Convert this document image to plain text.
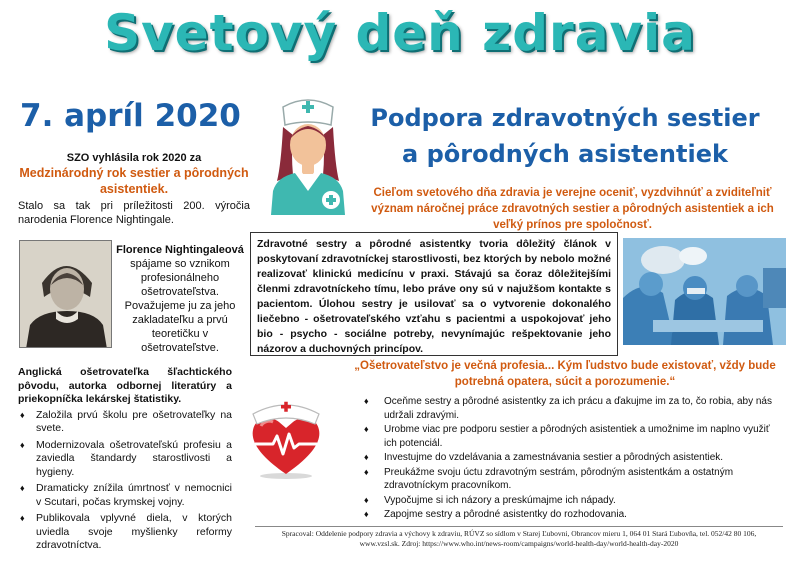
Svetový deň zdravia
7. apríl 2020	Podpora zdravotných sestier
a pôrodných asistentiek
SZO vyhlásila rok 2020 za
Medzinárodný rok sestier a pôrodných asistentiek.
Stalo sa tak pri príležitosti 200. výročia narodenia Florence Nightingale.
Cieľom svetového dňa zdravia je verejne oceniť, vyzdvihnúť a zviditeľniť význam náročnej práce zdravotných sestier a pôrodných asistentiek a ich veľký prínos pre spoločnosť.
Florence Nightingaleová
spájame so vznikom profesionálneho ošetrovateľstva. Považujeme ju za jeho zakladateľku a prvú teoretičku v ošetrovateľstve.
Zdravotné sestry a pôrodné asistentky tvoria dôležitý článok v poskytovaní zdravotníckej starostlivosti, bez ktorých by nebolo možné realizovať klinickú medicínu v praxi. Stávajú sa čoraz dôležitejšími členmi zdravotníckeho tímu, lebo práve ony sú v najužšom kontakte s pacientom. Úlohou sestry je usilovať sa o vytvorenie dokonalého liečebno - ošetrovateľského vzťahu s pacientmi a uspokojovať jeho bio - psycho - sociálne potreby, nevynímajúc rešpektovanie jeho názorov a duchovných princípov.
Anglická ošetrovateľka šľachtického pôvodu, autorka odbornej literatúry a priekopníčka lekárskej štatistiky.
♦ Založila prvú školu pre ošetrovateľky na svete.
♦ Modernizovala ošetrovateľskú profesiu a zaviedla štandardy starostlivosti a hygieny.
♦ Dramaticky znížila úmrtnosť v nemocnici v Scutari, počas krymskej vojny.
♦ Publikovala vplyvné diela, v ktorých uviedla svoje myšlienky reformy zdravotníctva.
„Ošetrovateľstvo je večná profesia... Kým ľudstvo bude existovať, vždy bude potrebná opatera, súcit a porozumenie.“
♦ Oceňme sestry a pôrodné asistentky za ich prácu a ďakujme im za to, čo robia, aby nás udržali zdravými.
♦ Urobme viac pre podporu sestier a pôrodných asistentiek a umožnime im naplno využiť ich potenciál.
♦ Investujme do vzdelávania a zamestnávania sestier a pôrodných asistentiek.
♦ Preukážme svoju úctu zdravotným sestrám, pôrodným asistentkám a ostatným zdravotníckym pracovníkom.
♦ Vypočujme si ich názory a preskúmajme ich nápady.
♦ Zapojme sestry a pôrodné asistentky do rozhodovania.
Spracoval: Oddelenie podpory zdravia a výchovy k zdraviu, RÚVZ so sídlom v Starej Ľubovni, Obrancov mieru 1, 064 01 Stará Ľubovňa, tel. 052/42 80 106,
www.vzsl.sk. Zdroj: https://www.who.int/news-room/campaigns/world-health-day/world-health-day-2020
